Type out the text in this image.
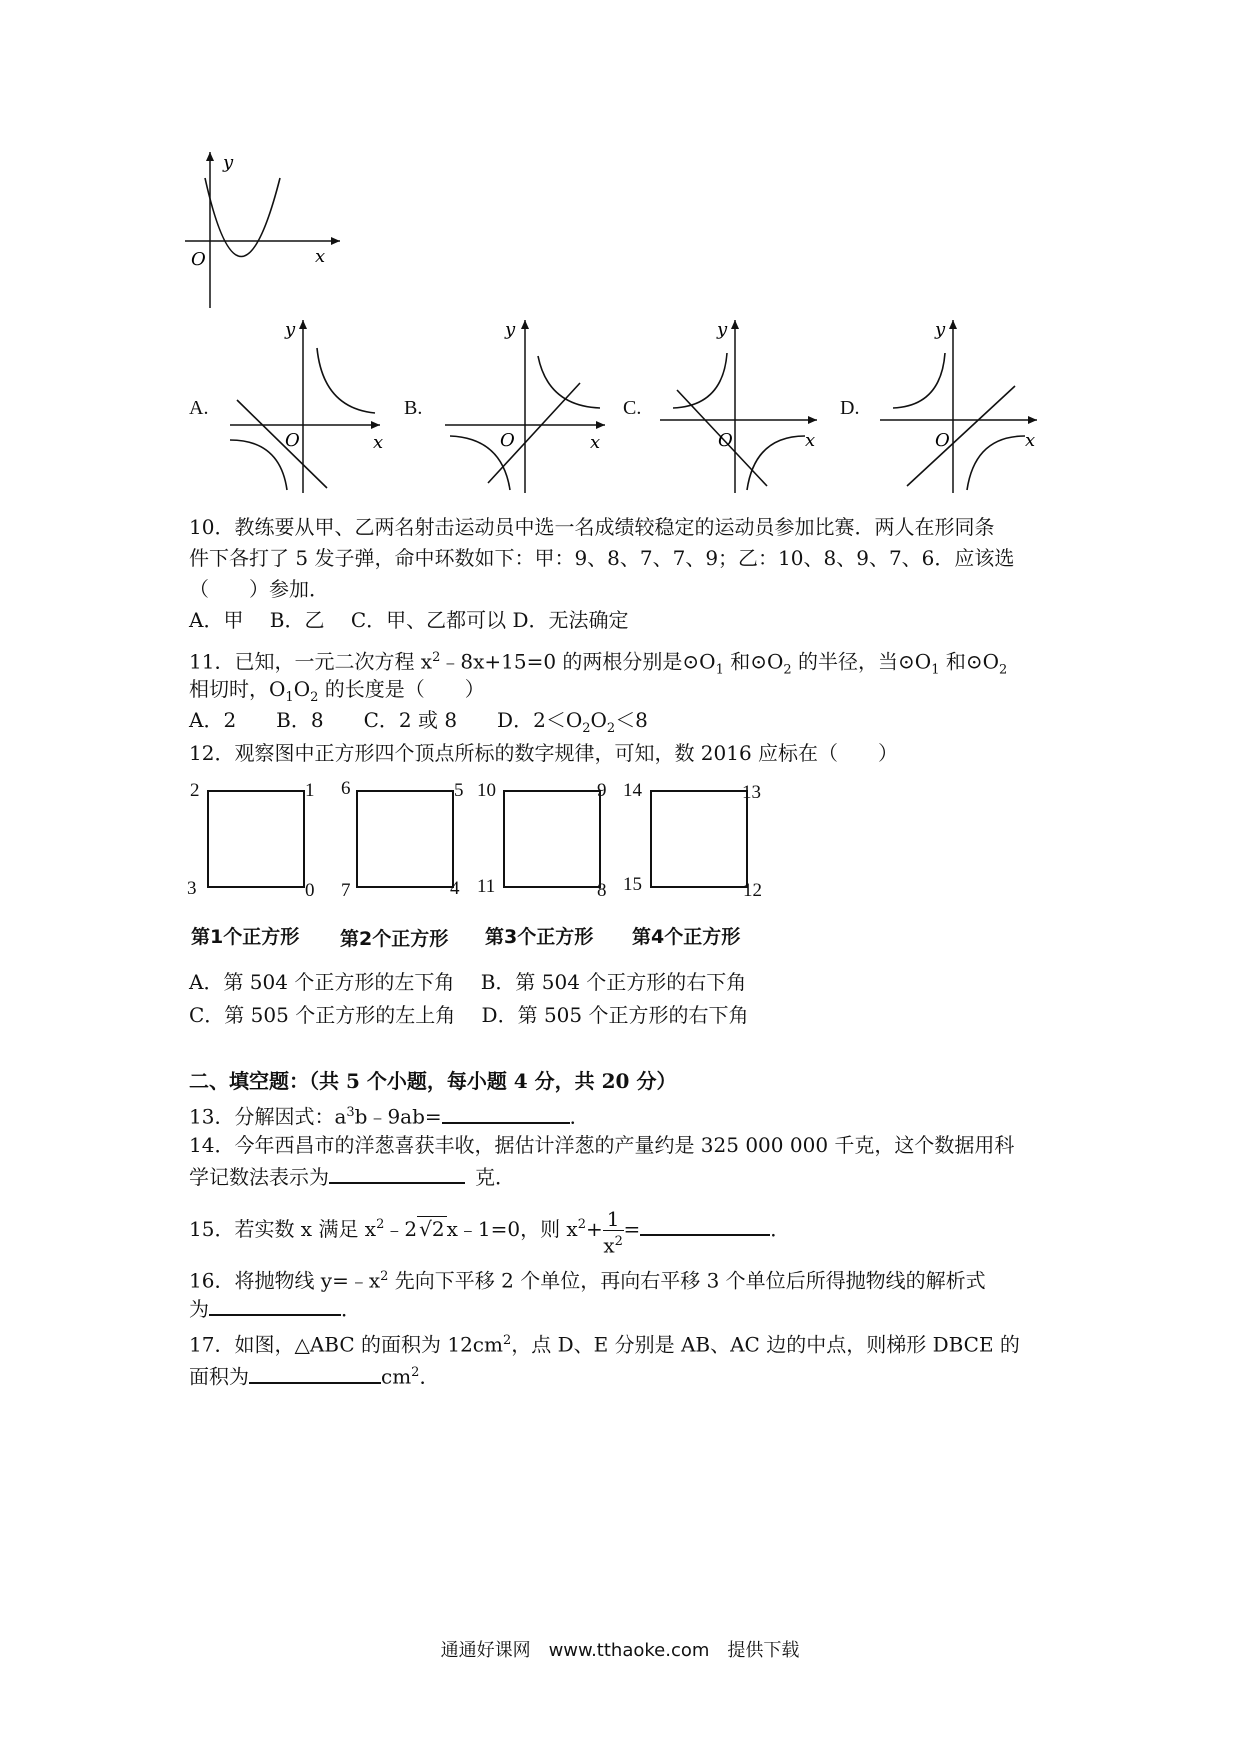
y
O	x
A.	B.	C.	D.
y
O	x
y
O	x
y
O	x
y
O	x
10．教练要从甲、乙两名射击运动员中选一名成绩较稳定的运动员参加比赛．两人在形同条
件下各打了 5 发子弹，命中环数如下：甲：9、8、7、7、9；乙：10、8、9、7、6．应该选
（　　）参加．
A．甲　 B．乙　 C．甲、乙都可以 D．无法确定
11．已知，一元二次方程 $x^2﹣8x+15=0$ 的两根分别是$⊙O_1$ 和$⊙O_2$ 的半径，当$⊙O_1$ 和$⊙O_2$
相切时，$O_1O_2$ 的长度是（　　）
A．2　　B．8　　C．2 或 8　　D．$2<O_2O_2<8$
12．观察图中正方形四个顶点所标的数字规律，可知，数 2016 应标在（　　）
2	1
3	0
第1个正方形
6	5
7	4
第2个正方形
10	9
11	8
第3个正方形
14	13
15	12
第4个正方形
A．第 504 个正方形的左下角　 B．第 504 个正方形的右下角
C．第 505 个正方形的左上角　 D．第 505 个正方形的右下角
二、填空题：（共 5 个小题，每小题 4 分，共 20 分）
13．分解因式：$a^3b﹣9ab=$	．
14．今年西昌市的洋葱喜获丰收，据估计洋葱的产量约是 325 000 000 千克，这个数据用科
学记数法表示为	克．
15．若实数 x 满足 $x^2﹣2$ √2 x﹣1=0，则 $x^2+ \frac{1}{x^2}$ =	．
16．将抛物线 $y=﹣x^2$ 先向下平移 2 个单位，再向右平移 3 个单位后所得抛物线的解析式
为	．
17．如图，△ABC 的面积为 $12cm^2$，点 D、E 分别是 AB、AC 边的中点，则梯形 DBCE 的
面积为	$cm^2$．
通通好课网　www.tthaoke.com　提供下载
